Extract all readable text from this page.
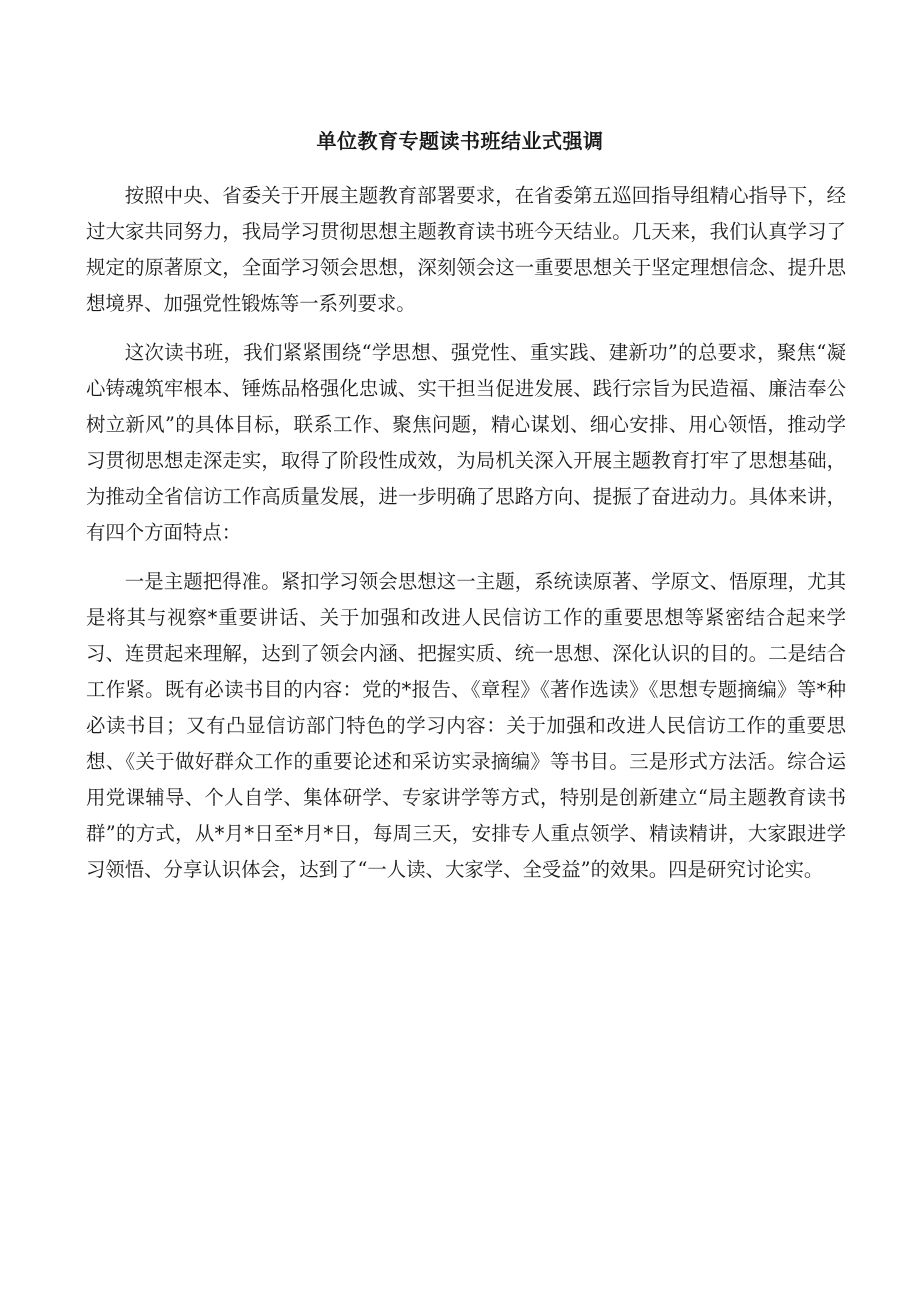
单位教育专题读书班结业式强调

按照中央、省委关于开展主题教育部署要求，在省委第五巡回指导组精心指导下，经过大家共同努力，我局学习贯彻思想主题教育读书班今天结业。几天来，我们认真学习了规定的原著原文，全面学习领会思想，深刻领会这一重要思想关于坚定理想信念、提升思想境界、加强党性锻炼等一系列要求。

这次读书班，我们紧紧围绕“学思想、强党性、重实践、建新功”的总要求，聚焦“凝心铸魂筑牢根本、锤炼品格强化忠诚、实干担当促进发展、践行宗旨为民造福、廉洁奉公树立新风”的具体目标，联系工作、聚焦问题，精心谋划、细心安排、用心领悟，推动学习贯彻思想走深走实，取得了阶段性成效，为局机关深入开展主题教育打牢了思想基础，为推动全省信访工作高质量发展，进一步明确了思路方向、提振了奋进动力。具体来讲，有四个方面特点：

一是主题把得准。紧扣学习领会思想这一主题，系统读原著、学原文、悟原理，尤其是将其与视察*重要讲话、关于加强和改进人民信访工作的重要思想等紧密结合起来学习、连贯起来理解，达到了领会内涵、把握实质、统一思想、深化认识的目的。二是结合工作紧。既有必读书目的内容：党的*报告、《章程》《著作选读》《思想专题摘编》等*种必读书目；又有凸显信访部门特色的学习内容：关于加强和改进人民信访工作的重要思想、《关于做好群众工作的重要论述和采访实录摘编》等书目。三是形式方法活。综合运用党课辅导、个人自学、集体研学、专家讲学等方式，特别是创新建立“局主题教育读书群”的方式，从*月*日至*月*日，每周三天，安排专人重点领学、精读精讲，大家跟进学习领悟、分享认识体会，达到了“一人读、大家学、全受益”的效果。四是研究讨论实。
